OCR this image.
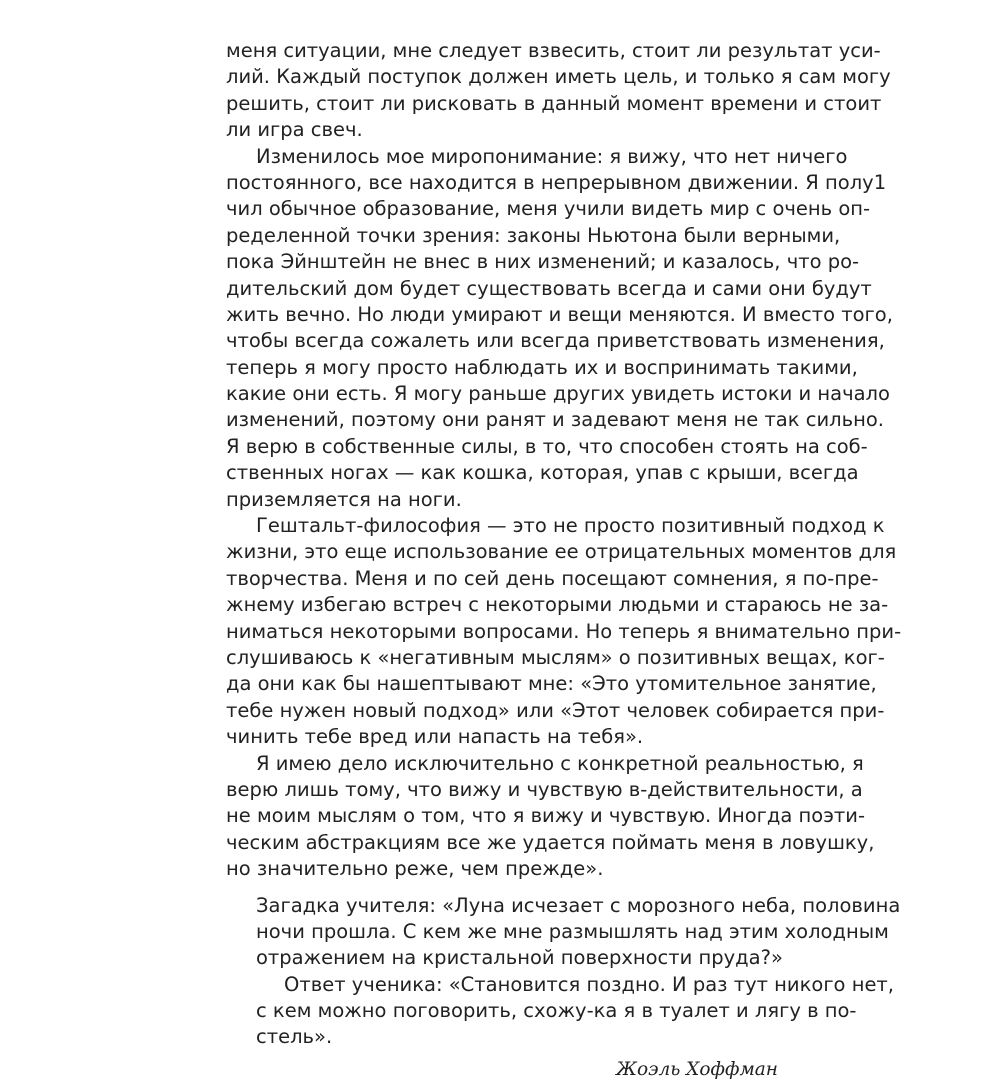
меня ситуации, мне следует взвесить, стоит ли результат уси-
лий. Каждый поступок должен иметь цель, и только я сам могу
решить, стоит ли рисковать в данный момент времени и стоит
ли игра свеч.
Изменилось мое миропонимание: я вижу, что нет ничего
постоянного, все находится в непрерывном движении. Я полу1
чил обычное образование, меня учили видеть мир с очень оп-
ределенной точки зрения: законы Ньютона были верными,
пока Эйнштейн не внес в них изменений; и казалось, что ро-
дительский дом будет существовать всегда и сами они будут
жить вечно. Но люди умирают и вещи меняются. И вместо того,
чтобы всегда сожалеть или всегда приветствовать изменения,
теперь я могу просто наблюдать их и воспринимать такими,
какие они есть. Я могу раньше других увидеть истоки и начало
изменений, поэтому они ранят и задевают меня не так сильно.
Я верю в собственные силы, в то, что способен стоять на соб-
ственных ногах — как кошка, которая, упав с крыши, всегда
приземляется на ноги.
Гештальт-философия — это не просто позитивный подход к
жизни, это еще использование ее отрицательных моментов для
творчества. Меня и по сей день посещают сомнения, я по-пре-
жнему избегаю встреч с некоторыми людьми и стараюсь не за-
ниматься некоторыми вопросами. Но теперь я внимательно при-
слушиваюсь к «негативным мыслям» о позитивных вещах, ког-
да они как бы нашептывают мне: «Это утомительное занятие,
тебе нужен новый подход» или «Этот человек собирается при-
чинить тебе вред или напасть на тебя».
Я имею дело исключительно с конкретной реальностью, я
верю лишь тому, что вижу и чувствую в-действительности, а
не моим мыслям о том, что я вижу и чувствую. Иногда поэти-
ческим абстракциям все же удается поймать меня в ловушку,
но значительно реже, чем прежде».
Загадка учителя: «Луна исчезает с морозного неба, половина
ночи прошла. С кем же мне размышлять над этим холодным
отражением на кристальной поверхности пруда?»
Ответ ученика: «Становится поздно. И раз тут никого нет,
с кем можно поговорить, схожу-ка я в туалет и лягу в по-
стель».
Жоэль Хоффман
